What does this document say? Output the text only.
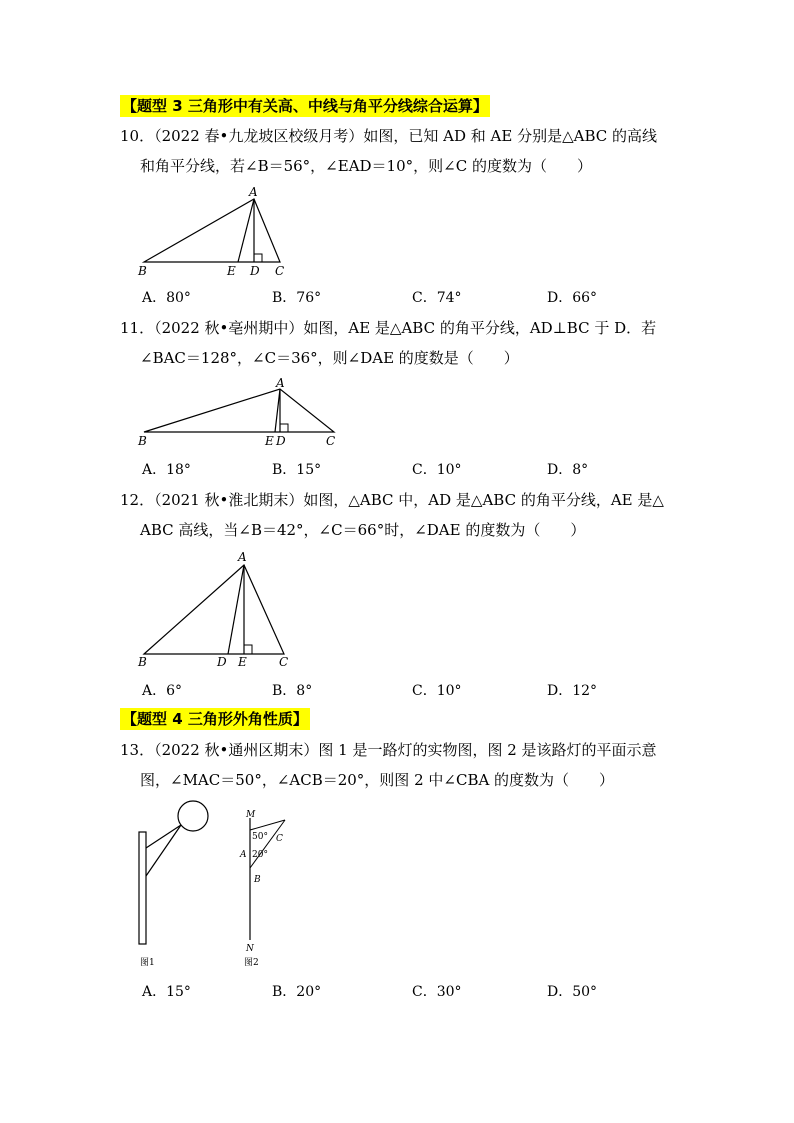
【题型 3 三角形中有关高、中线与角平分线综合运算】
10．（2022 春•九龙坡区校级月考）如图，已知 AD 和 AE 分别是△ABC 的高线
和角平分线，若∠B＝56°，∠EAD＝10°，则∠C 的度数为（　　）
A
B	E D C
A．80°	B．76°	C．74°	D．66°
11．（2022 秋•亳州期中）如图，AE 是△ABC 的角平分线，AD⊥BC 于 D．若
∠BAC＝128°，∠C＝36°，则∠DAE 的度数是（　　）
A
B	E D	C
A．18°	B．15°	C．10°	D．8°
12．（2021 秋•淮北期末）如图，△ABC 中，AD 是△ABC 的角平分线，AE 是△
ABC 高线，当∠B＝42°，∠C＝66°时，∠DAE 的度数为（　　）
A
B	D E	C
A．6°	B．8°	C．10°	D．12°
【题型 4 三角形外角性质】
13．（2022 秋•通州区期末）图 1 是一路灯的实物图，图 2 是该路灯的平面示意
图，∠MAC＝50°，∠ACB＝20°，则图 2 中∠CBA 的度数为（　　）
图1
M
50° C
A 20°
B
N
图2
A．15°	B．20°	C．30°	D．50°
